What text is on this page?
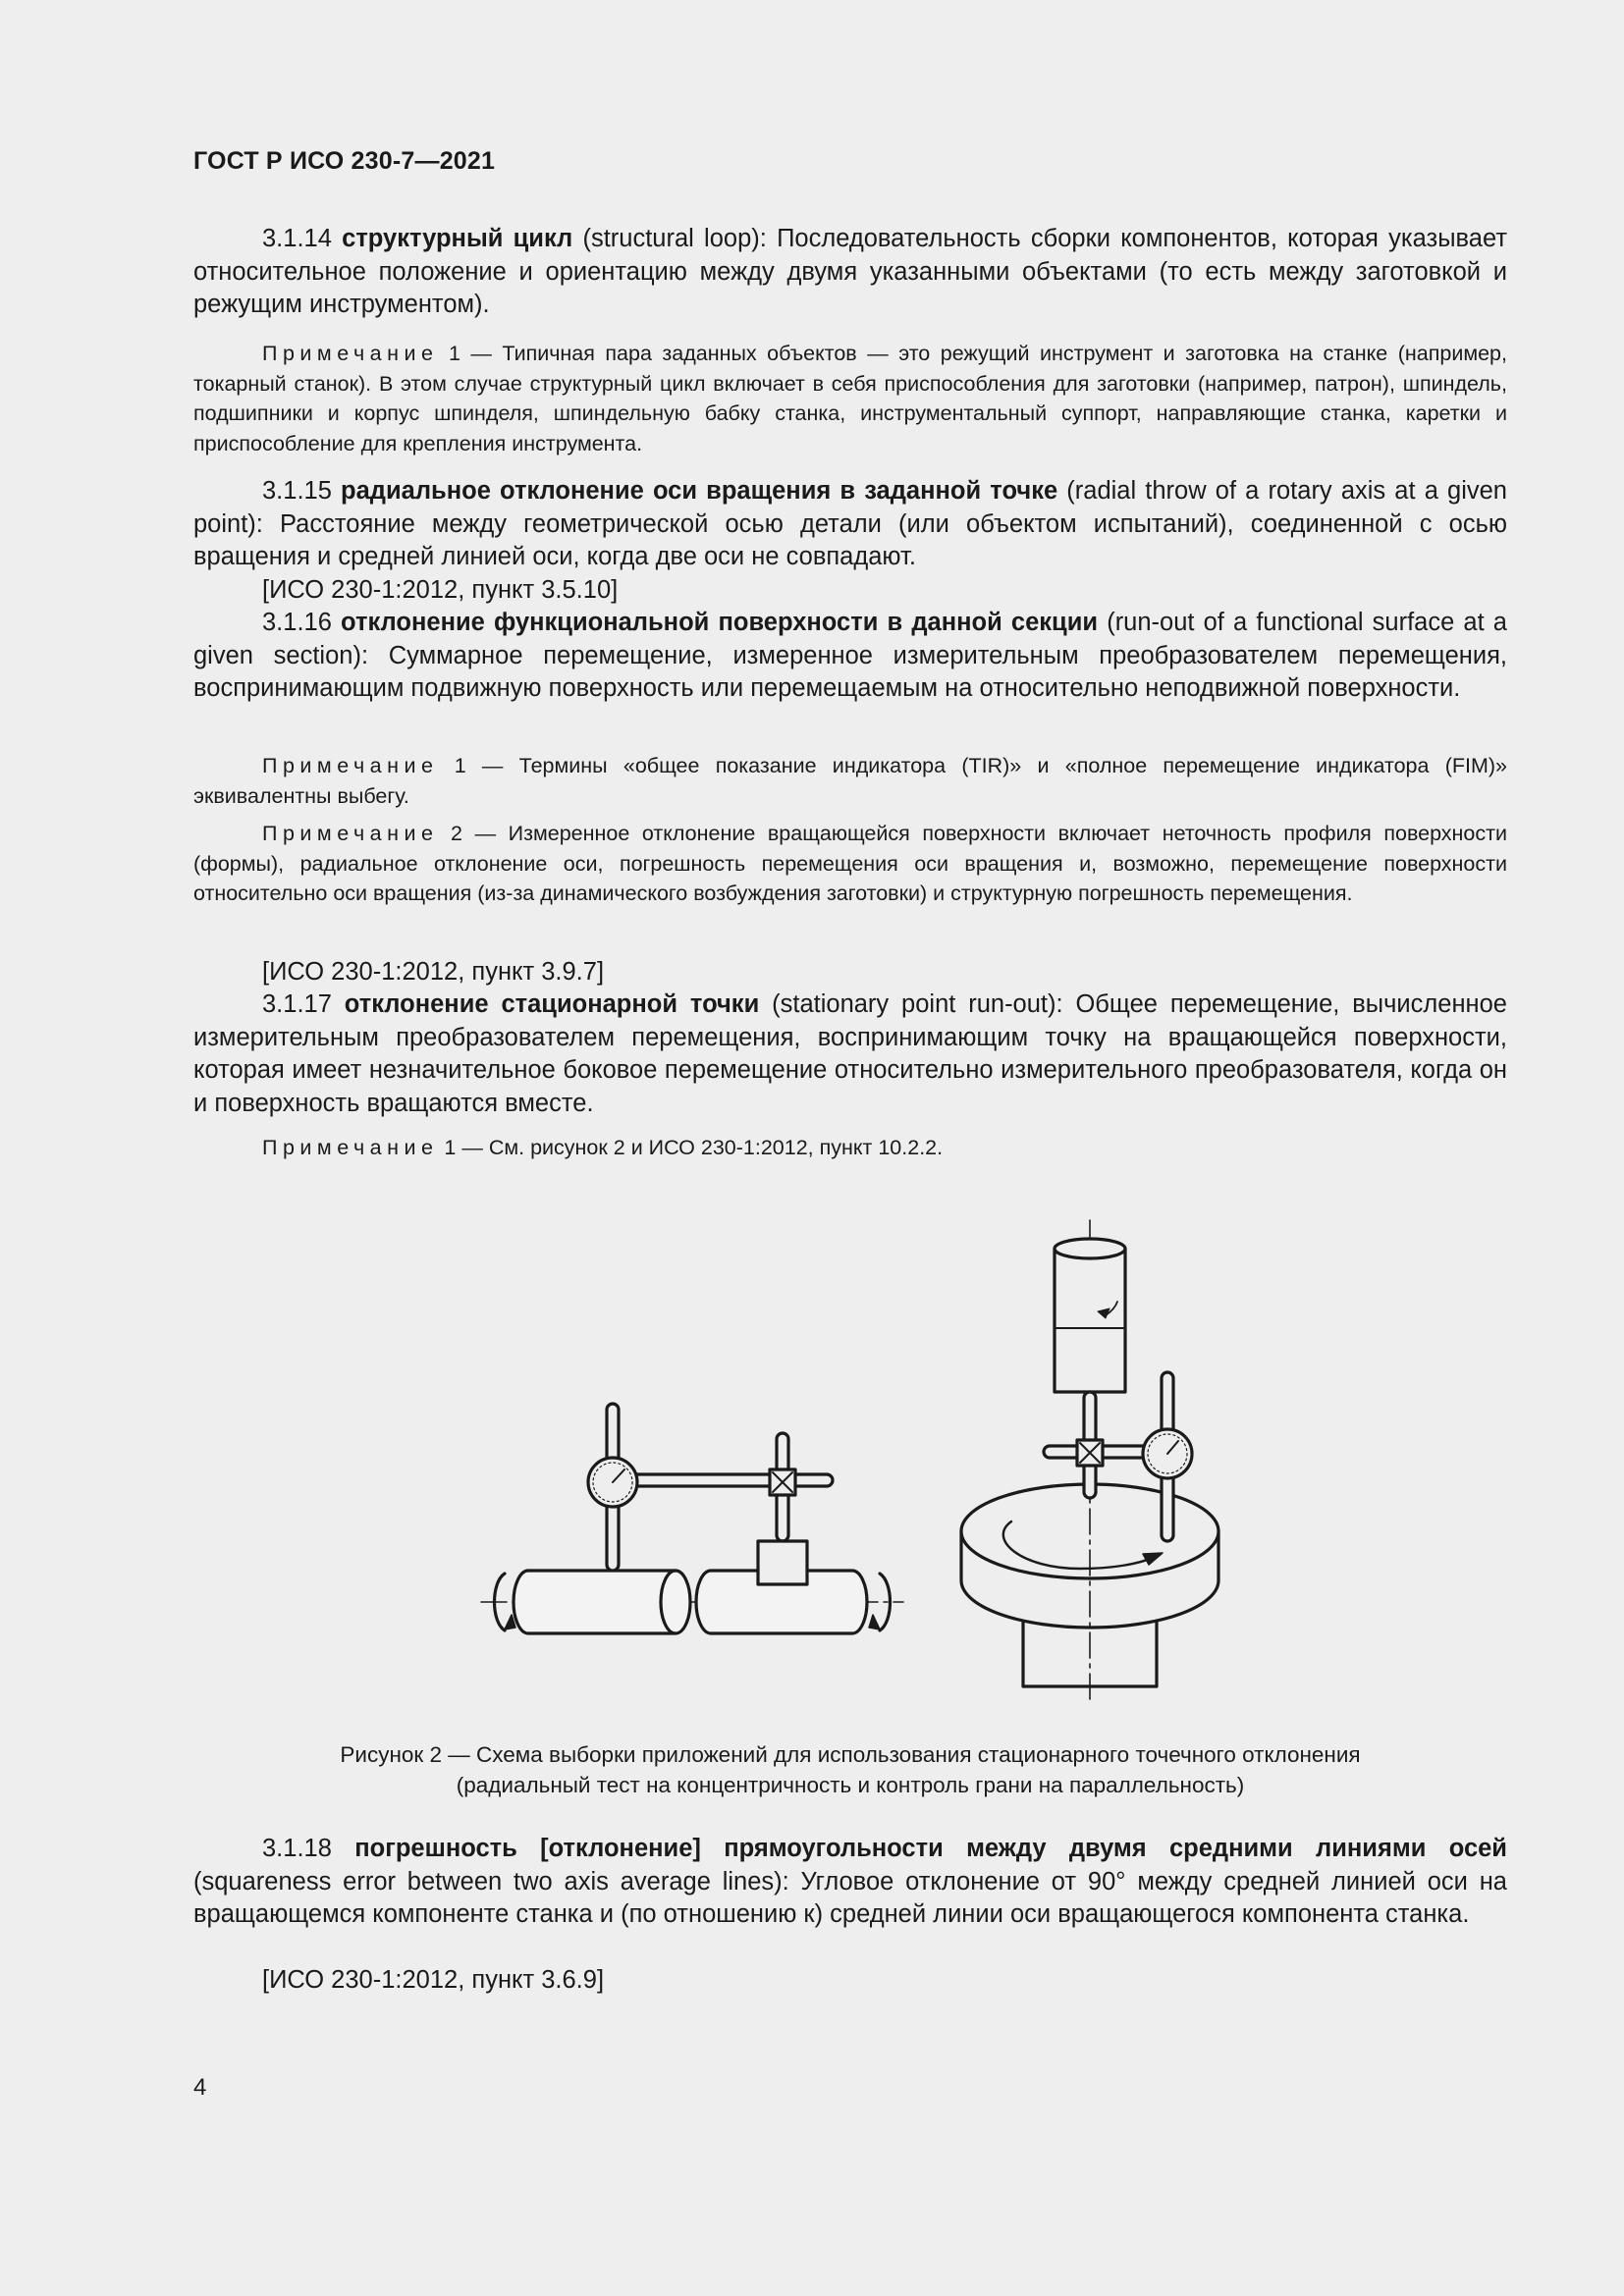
ГОСТ Р ИСО 230-7—2021

3.1.14 структурный цикл (structural loop): Последовательность сборки компонентов, которая указывает относительное положение и ориентацию между двумя указанными объектами (то есть между заготовкой и режущим инструментом).

Примечание 1 — Типичная пара заданных объектов — это режущий инструмент и заготовка на станке (например, токарный станок). В этом случае структурный цикл включает в себя приспособления для заготовки (например, патрон), шпиндель, подшипники и корпус шпинделя, шпиндельную бабку станка, инструментальный суппорт, направляющие станка, каретки и приспособление для крепления инструмента.

3.1.15 радиальное отклонение оси вращения в заданной точке (radial throw of a rotary axis at a given point): Расстояние между геометрической осью детали (или объектом испытаний), соединенной с осью вращения и средней линией оси, когда две оси не совпадают.

[ИСО 230-1:2012, пункт 3.5.10]

3.1.16 отклонение функциональной поверхности в данной секции (run-out of a functional surface at a given section): Суммарное перемещение, измеренное измерительным преобразователем перемещения, воспринимающим подвижную поверхность или перемещаемым на относительно неподвижной поверхности.

Примечание 1 — Термины «общее показание индикатора (TIR)» и «полное перемещение индикатора (FIM)» эквивалентны выбегу.

Примечание 2 — Измеренное отклонение вращающейся поверхности включает неточность профиля поверхности (формы), радиальное отклонение оси, погрешность перемещения оси вращения и, возможно, перемещение поверхности относительно оси вращения (из-за динамического возбуждения заготовки) и структурную погрешность перемещения.

[ИСО 230-1:2012, пункт 3.9.7]

3.1.17 отклонение стационарной точки (stationary point run-out): Общее перемещение, вычисленное измерительным преобразователем перемещения, воспринимающим точку на вращающейся поверхности, которая имеет незначительное боковое перемещение относительно измерительного преобразователя, когда он и поверхность вращаются вместе.

Примечание 1 — См. рисунок 2 и ИСО 230-1:2012, пункт 10.2.2.

Рисунок 2 — Схема выборки приложений для использования стационарного точечного отклонения
(радиальный тест на концентричность и контроль грани на параллельность)

3.1.18 погрешность [отклонение] прямоугольности между двумя средними линиями осей (squareness error between two axis average lines): Угловое отклонение от 90° между средней линией оси на вращающемся компоненте станка и (по отношению к) средней линии оси вращающегося компонента станка.

[ИСО 230-1:2012, пункт 3.6.9]
4
